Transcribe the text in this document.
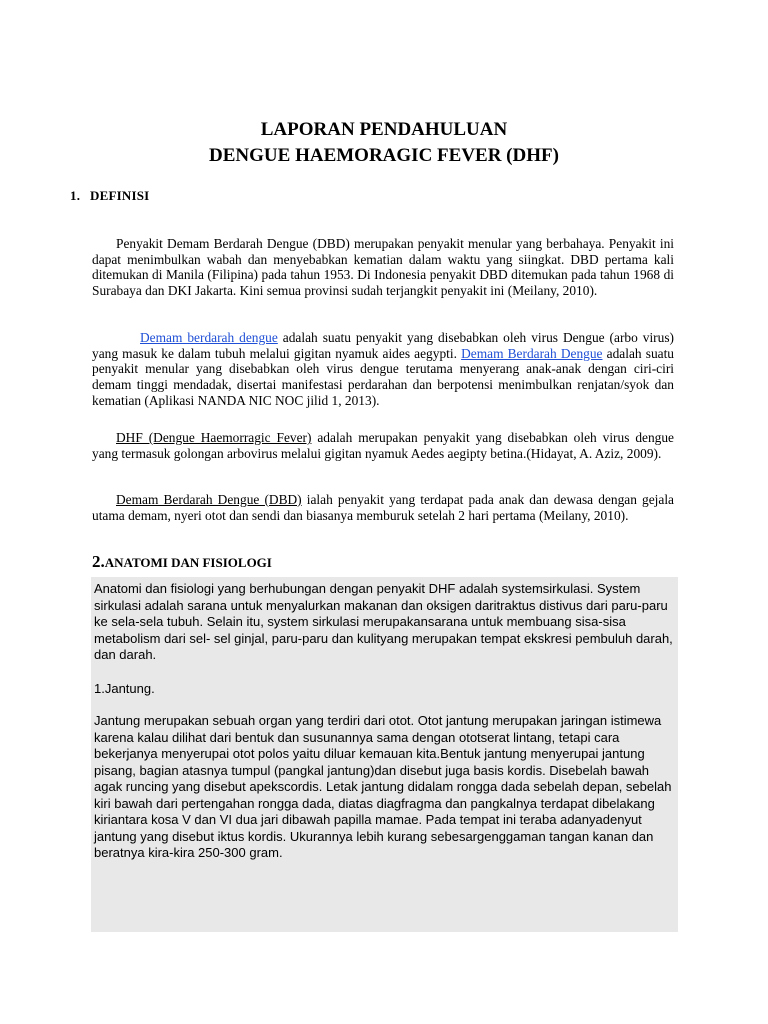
LAPORAN PENDAHULUAN
DENGUE HAEMORAGIC FEVER (DHF)
1. DEFINISI

Penyakit Demam Berdarah Dengue (DBD) merupakan penyakit menular yang berbahaya. Penyakit ini dapat menimbulkan wabah dan menyebabkan kematian dalam waktu yang siingkat. DBD pertama kali ditemukan di Manila (Filipina) pada tahun 1953. Di Indonesia penyakit DBD ditemukan pada tahun 1968 di Surabaya dan DKI Jakarta. Kini semua provinsi sudah terjangkit penyakit ini (Meilany, 2010).

Demam berdarah dengue adalah suatu penyakit yang disebabkan oleh virus Dengue (arbo virus) yang masuk ke dalam tubuh melalui gigitan nyamuk aides aegypti. Demam Berdarah Dengue adalah suatu penyakit menular yang disebabkan oleh virus dengue terutama menyerang anak-anak dengan ciri-ciri demam tinggi mendadak, disertai manifestasi perdarahan dan berpotensi menimbulkan renjatan/syok dan kematian (Aplikasi NANDA NIC NOC jilid 1, 2013).

DHF (Dengue Haemorragic Fever) adalah merupakan penyakit yang disebabkan oleh virus dengue yang termasuk golongan arbovirus melalui gigitan nyamuk Aedes aegipty betina.(Hidayat, A. Aziz, 2009).

Demam Berdarah Dengue (DBD) ialah penyakit yang terdapat pada anak dan dewasa dengan gejala utama demam, nyeri otot dan sendi dan biasanya memburuk setelah 2 hari pertama (Meilany, 2010).

2.ANATOMI DAN FISIOLOGI

Anatomi dan fisiologi yang berhubungan dengan penyakit DHF adalah systemsirkulasi. System sirkulasi adalah sarana untuk menyalurkan makanan dan oksigen daritraktus distivus dari paru-paru ke sela-sela tubuh. Selain itu, system sirkulasi merupakansarana untuk membuang sisa-sisa metabolism dari sel- sel ginjal, paru-paru dan kulityang merupakan tempat ekskresi pembuluh darah, dan darah.

1.Jantung.

Jantung merupakan sebuah organ yang terdiri dari otot. Otot jantung merupakan jaringan istimewa karena kalau dilihat dari bentuk dan susunannya sama dengan ototserat lintang, tetapi cara bekerjanya menyerupai otot polos yaitu diluar kemauan kita.Bentuk jantung menyerupai jantung pisang, bagian atasnya tumpul (pangkal jantung)dan disebut juga basis kordis. Disebelah bawah agak runcing yang disebut apekscordis. Letak jantung didalam rongga dada sebelah depan, sebelah kiri bawah dari pertengahan rongga dada, diatas diagfragma dan pangkalnya terdapat dibelakang kiriantara kosa V dan VI dua jari dibawah papilla mamae. Pada tempat ini teraba adanyadenyut jantung yang disebut iktus kordis. Ukurannya lebih kurang sebesargenggaman tangan kanan dan beratnya kira-kira 250-300 gram.
